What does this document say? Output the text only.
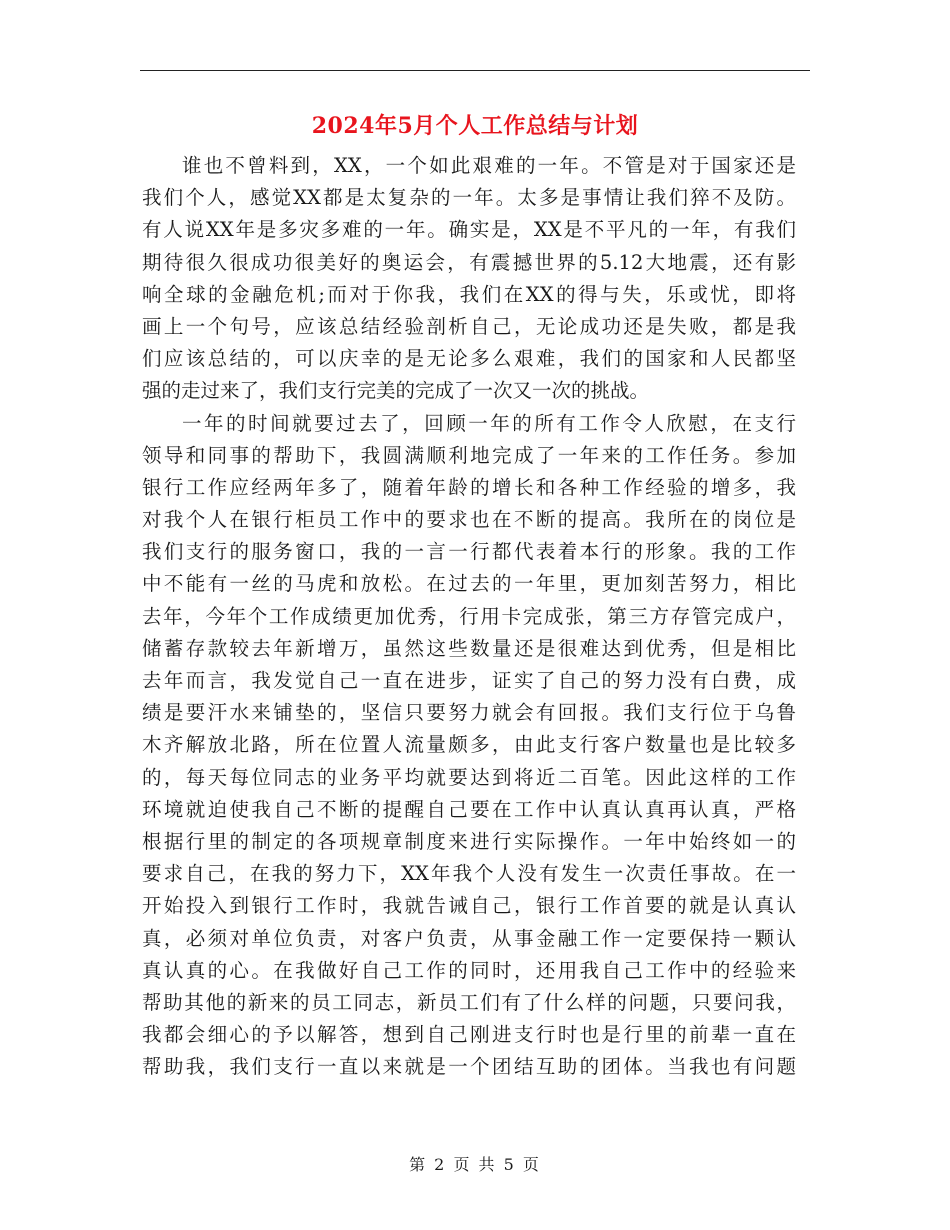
2024年5月个人工作总结与计划
谁也不曾料到，XX，一个如此艰难的一年。不管是对于国家还是
我们个人，感觉XX都是太复杂的一年。太多是事情让我们猝不及防。
有人说XX年是多灾多难的一年。确实是，XX是不平凡的一年，有我们
期待很久很成功很美好的奥运会，有震撼世界的5.12大地震，还有影
响全球的金融危机;而对于你我，我们在XX的得与失，乐或忧，即将
画上一个句号，应该总结经验剖析自己，无论成功还是失败，都是我
们应该总结的，可以庆幸的是无论多么艰难，我们的国家和人民都坚
强的走过来了，我们支行完美的完成了一次又一次的挑战。
一年的时间就要过去了，回顾一年的所有工作令人欣慰，在支行
领导和同事的帮助下，我圆满顺利地完成了一年来的工作任务。参加
银行工作应经两年多了，随着年龄的增长和各种工作经验的增多，我
对我个人在银行柜员工作中的要求也在不断的提高。我所在的岗位是
我们支行的服务窗口，我的一言一行都代表着本行的形象。我的工作
中不能有一丝的马虎和放松。在过去的一年里，更加刻苦努力，相比
去年，今年个工作成绩更加优秀，行用卡完成张，第三方存管完成户，
储蓄存款较去年新增万，虽然这些数量还是很难达到优秀，但是相比
去年而言，我发觉自己一直在进步，证实了自己的努力没有白费，成
绩是要汗水来铺垫的，坚信只要努力就会有回报。我们支行位于乌鲁
木齐解放北路，所在位置人流量颇多，由此支行客户数量也是比较多
的，每天每位同志的业务平均就要达到将近二百笔。因此这样的工作
环境就迫使我自己不断的提醒自己要在工作中认真认真再认真，严格
根据行里的制定的各项规章制度来进行实际操作。一年中始终如一的
要求自己，在我的努力下，XX年我个人没有发生一次责任事故。在一
开始投入到银行工作时，我就告诫自己，银行工作首要的就是认真认
真，必须对单位负责，对客户负责，从事金融工作一定要保持一颗认
真认真的心。在我做好自己工作的同时，还用我自己工作中的经验来
帮助其他的新来的员工同志，新员工们有了什么样的问题，只要问我，
我都会细心的予以解答，想到自己刚进支行时也是行里的前辈一直在
帮助我，我们支行一直以来就是一个团结互助的团体。当我也有问题
第 2 页 共 5 页
